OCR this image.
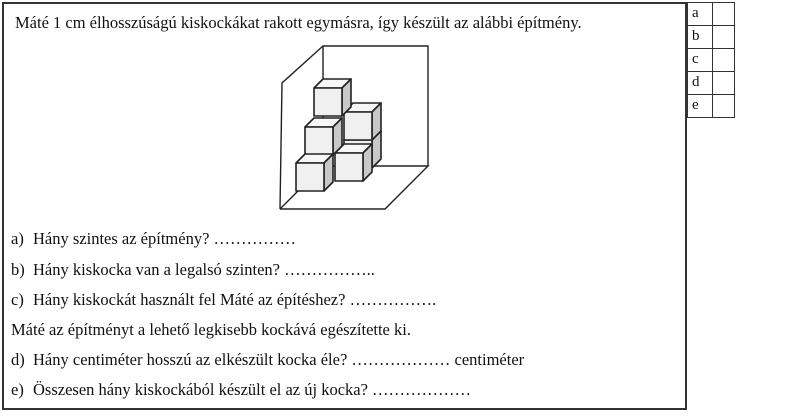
Máté 1 cm élhosszúságú kiskockákat rakott egymásra, így készült az alábbi építmény.
a) Hány szintes az építmény? ……………
b) Hány kiskocka van a legalsó szinten? ……………..
c) Hány kiskockát használt fel Máté az építéshez? …………….
Máté az építményt a lehető legkisebb kockává egészítette ki.
d) Hány centiméter hosszú az elkészült kocka éle? ……………… centiméter
e) Összesen hány kiskockából készült el az új kocka? ………………
a	
b	
c	
d	
e	
